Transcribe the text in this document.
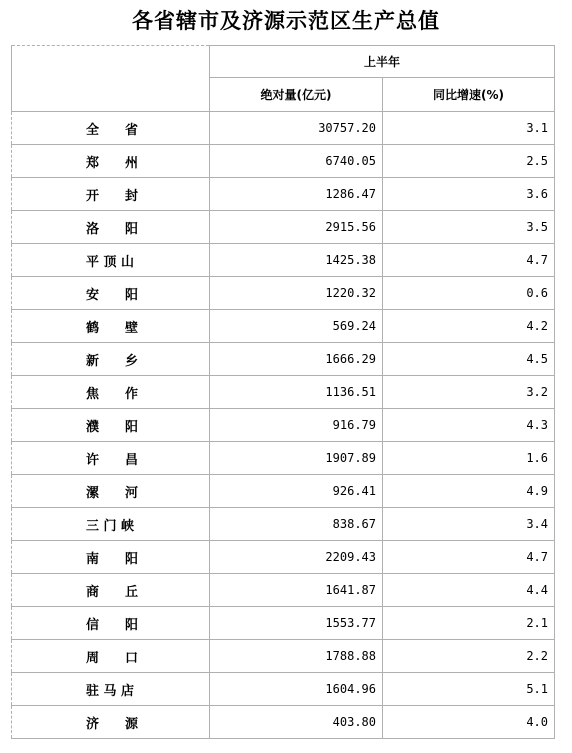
各省辖市及济源示范区生产总值
	上半年	
	绝对量(亿元)	同比增速(%)
全　　省	30757.20	3.1
郑　　州	6740.05	2.5
开　　封	1286.47	3.6
洛　　阳	2915.56	3.5
平 顶 山	1425.38	4.7
安　　阳	1220.32	0.6
鹤　　壁	569.24	4.2
新　　乡	1666.29	4.5
焦　　作	1136.51	3.2
濮　　阳	916.79	4.3
许　　昌	1907.89	1.6
漯　　河	926.41	4.9
三 门 峡	838.67	3.4
南　　阳	2209.43	4.7
商　　丘	1641.87	4.4
信　　阳	1553.77	2.1
周　　口	1788.88	2.2
驻 马 店	1604.96	5.1
济　　源	403.80	4.0
